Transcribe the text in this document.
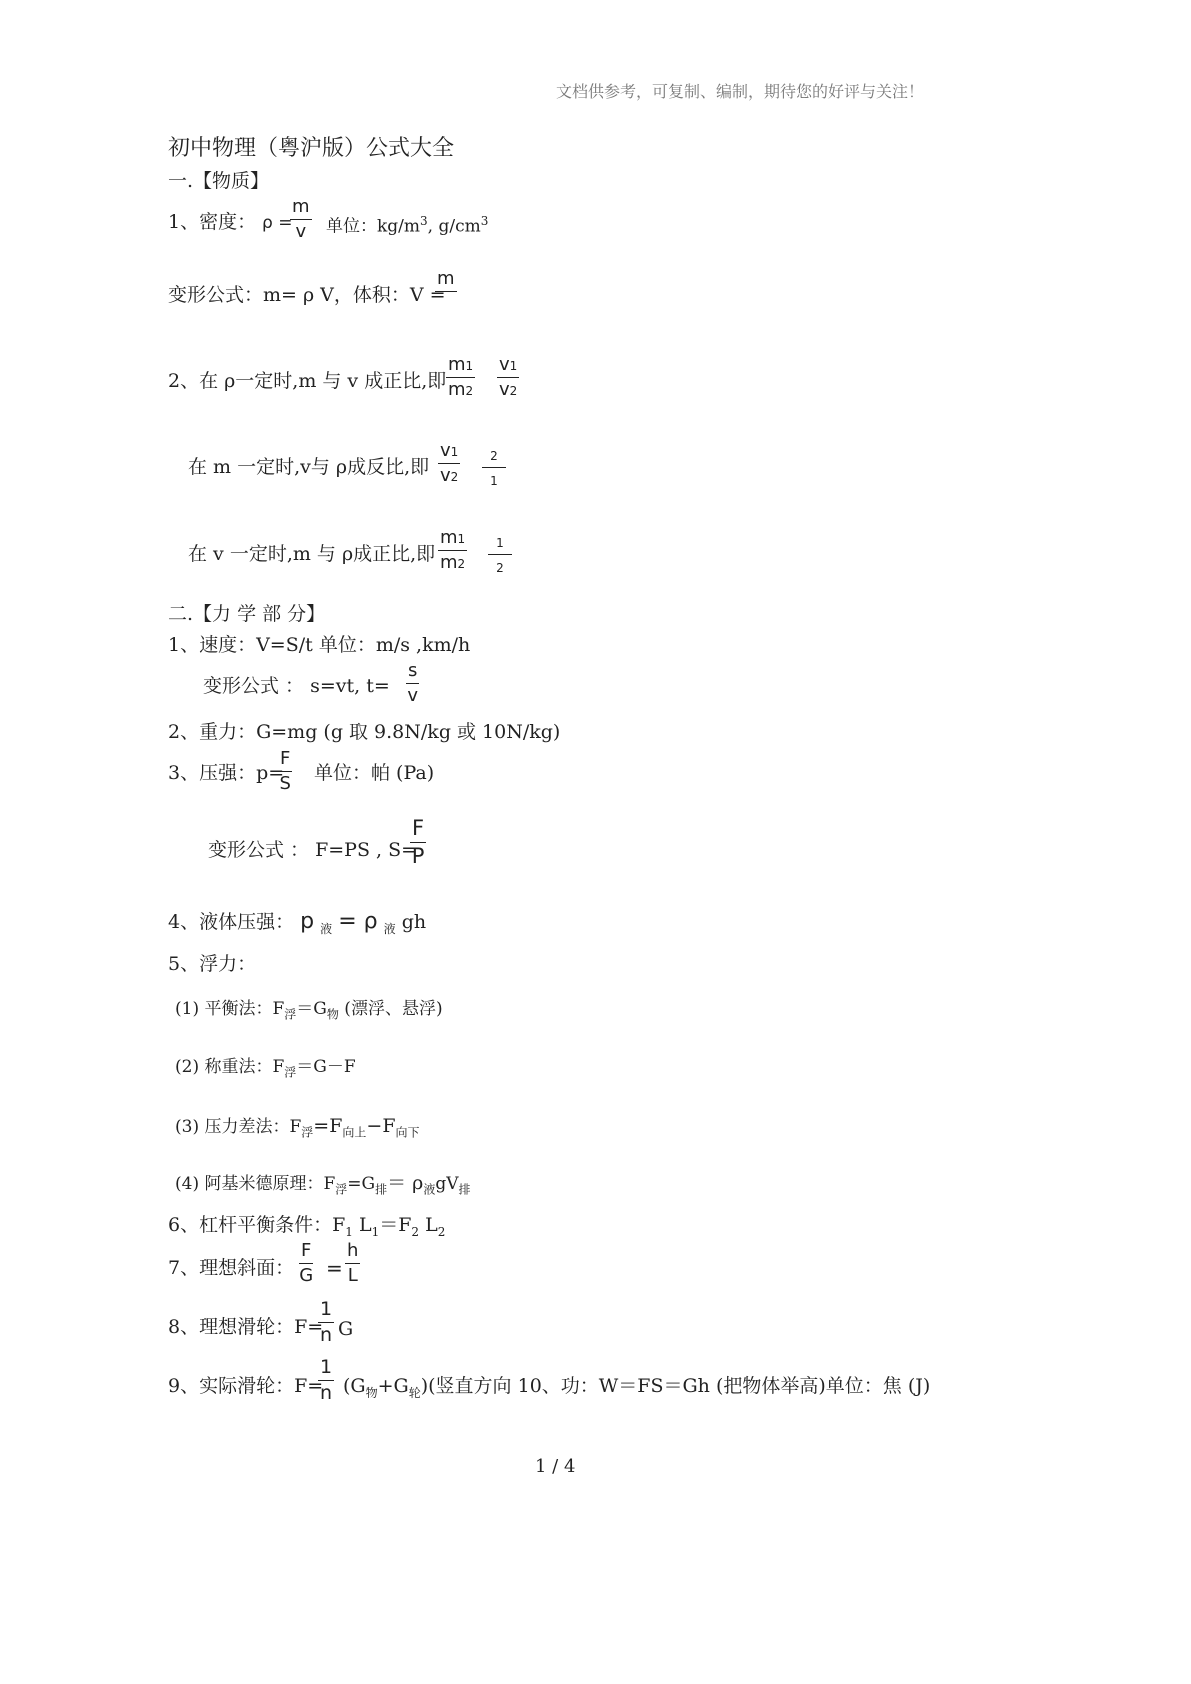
文档供参考，可复制、编制，期待您的好评与关注！
初中物理（粤沪版）公式大全
一.【物质】
1、密度： ρ =
m
v 单位：$kg/m^3$, $g/cm^3$
变形公式：m= ρ V，体积：V =
m

2、在 ρ一定时,m 与 v 成正比,即
m1
m2
v1
v2
在 m 一定时,v与 ρ成反比,即
v1
v2
2
1
在 v 一定时,m 与 ρ成正比,即
m1
m2
1
2
二.【力 学 部 分】
1、速度：V=S/t 单位：m/s ,km/h
变形公式 ： s=vt, t=
s
v
2、重力：G=mg (g 取 9.8N/kg 或 10N/kg)
3、压强：p=
F
S 单位：帕 (Pa)
变形公式 ： F=PS , S=
F
P
4、液体压强： p $_液$ = ρ $_液$ gh
5、浮力：
(1) 平衡法：$F_浮=G_物$ (漂浮、悬浮)
(2) 称重法：$F_浮=G-F$
(3) 压力差法：$F_浮=F_{向上}-F_{向下}$
(4) 阿基米德原理：$F_浮=G_排= \rho_液gV_排$
6、杠杆平衡条件：$F_1$ $L_1=F_2$ $L_2$
7、理想斜面：
F
G =
h
L
8、理想滑轮：F=
1
n G
9、实际滑轮：F=
1
n $(G_物+G_轮)$(竖直方向 10、功：W＝FS＝Gh (把物体举高)单位：焦 (J)
1 / 4
